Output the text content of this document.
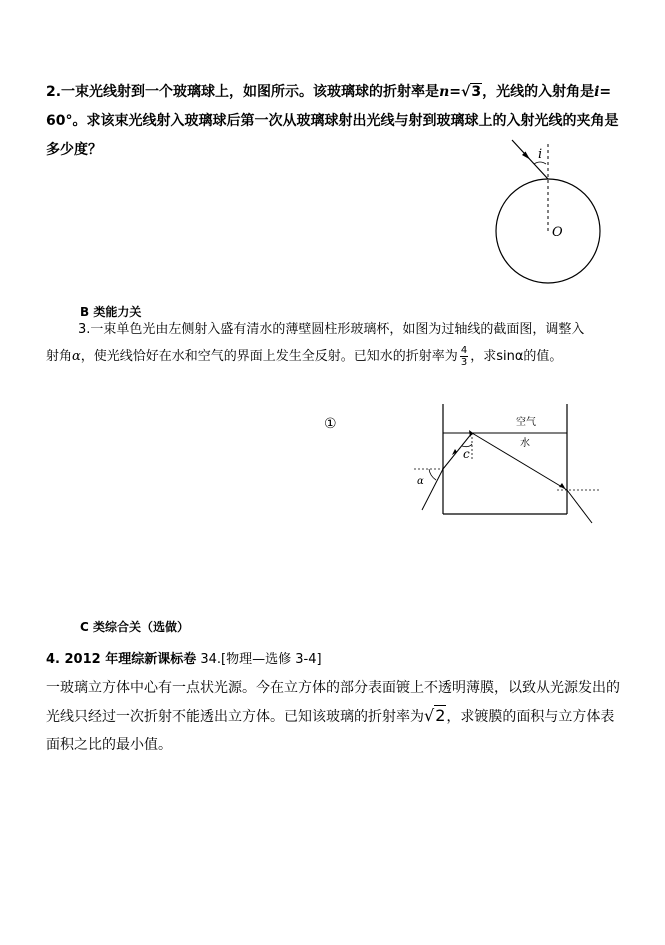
2.一束光线射到一个玻璃球上，如图所示。该玻璃球的折射率是n=√3，光线的入射角是i=
60°。求该束光线射入玻璃球后第一次从玻璃球射出光线与射到玻璃球上的入射光线的夹角是
多少度？	i
O
B 类能力关
3.一束单色光由左侧射入盛有清水的薄壁圆柱形玻璃杯，如图为过轴线的截面图，调整入
射角α，使光线恰好在水和空气的界面上发生全反射。已知水的折射率为 $\frac{4}{3}$ ，求sinα的值。
①	空气
水
c
α
C 类综合关（选做）
4. 2012 年理综新课标卷 34.[物理—选修 3-4]
一玻璃立方体中心有一点状光源。今在立方体的部分表面镀上不透明薄膜，以致从光源发出的
光线只经过一次折射不能透出立方体。已知该玻璃的折射率为√2，求镀膜的面积与立方体表
面积之比的最小值。
